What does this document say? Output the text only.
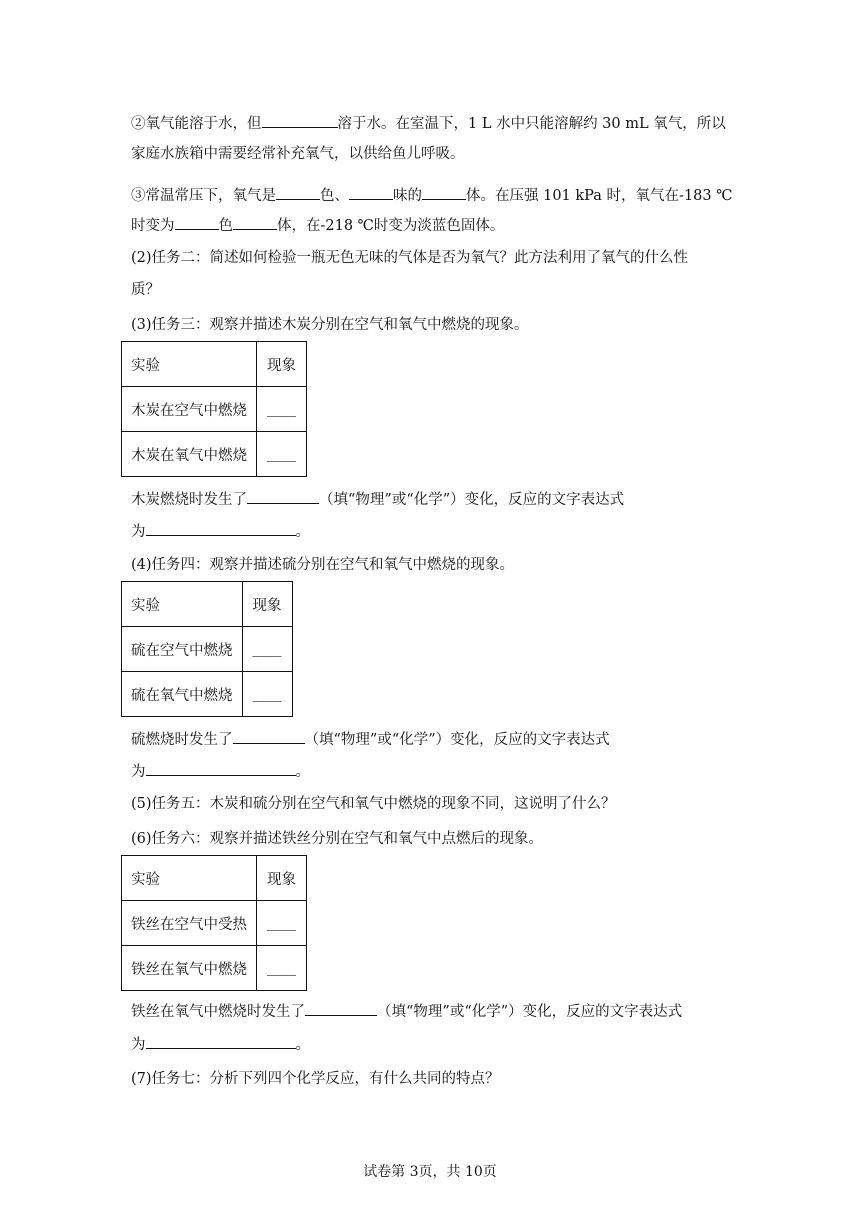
②氧气能溶于水，但	溶于水。在室温下，1 L 水中只能溶解约 30 mL 氧气，所以
家庭水族箱中需要经常补充氧气，以供给鱼儿呼吸。
③常温常压下，氧气是	色、	味的	体。在压强 101 kPa 时，氧气在-183 ℃
时变为	色	体，在-218 ℃时变为淡蓝色固体。
(2)任务二：简述如何检验一瓶无色无味的气体是否为氧气？此方法利用了氧气的什么性
质？
(3)任务三：观察并描述木炭分别在空气和氧气中燃烧的现象。
实验	现象
木炭在空气中燃烧	____
木炭在氧气中燃烧	____
木炭燃烧时发生了	（填“物理”或“化学”）变化，反应的文字表达式
为	。
(4)任务四：观察并描述硫分别在空气和氧气中燃烧的现象。
实验	现象
硫在空气中燃烧	____
硫在氧气中燃烧	____
硫燃烧时发生了	（填“物理”或“化学”）变化，反应的文字表达式
为	。
(5)任务五：木炭和硫分别在空气和氧气中燃烧的现象不同，这说明了什么？
(6)任务六：观察并描述铁丝分别在空气和氧气中点燃后的现象。
实验	现象
铁丝在空气中受热	____
铁丝在氧气中燃烧	____
铁丝在氧气中燃烧时发生了	（填“物理”或“化学”）变化，反应的文字表达式
为	。
(7)任务七：分析下列四个化学反应，有什么共同的特点？
试卷第 3页，共 10页
